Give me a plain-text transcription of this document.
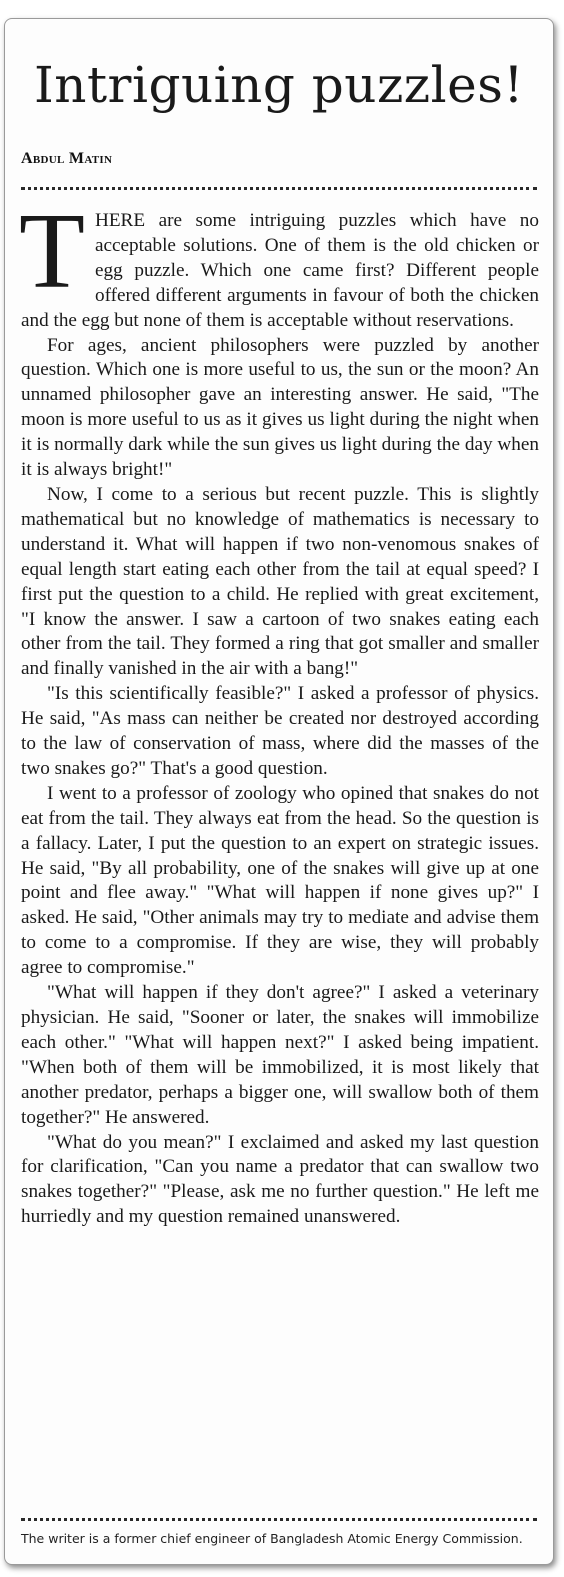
Intriguing puzzles!
Abdul Matin

THERE are some intriguing puzzles which have no acceptable solutions. One of them is the old chicken or egg puzzle. Which one came first? Different people offered different arguments in favour of both the chicken and the egg but none of them is acceptable without reservations.

For ages, ancient philosophers were puzzled by another question. Which one is more useful to us, the sun or the moon? An unnamed philosopher gave an interesting answer. He said, "The moon is more useful to us as it gives us light during the night when it is normally dark while the sun gives us light during the day when it is always bright!"

Now, I come to a serious but recent puzzle. This is slightly mathematical but no knowledge of mathematics is necessary to understand it. What will happen if two non-venomous snakes of equal length start eating each other from the tail at equal speed? I first put the question to a child. He replied with great excitement, "I know the answer. I saw a cartoon of two snakes eating each other from the tail. They formed a ring that got smaller and smaller and finally vanished in the air with a bang!"

"Is this scientifically feasible?" I asked a professor of physics. He said, "As mass can neither be created nor destroyed according to the law of conservation of mass, where did the masses of the two snakes go?" That's a good question.

I went to a professor of zoology who opined that snakes do not eat from the tail. They always eat from the head. So the question is a fallacy. Later, I put the question to an expert on strategic issues. He said, "By all probability, one of the snakes will give up at one point and flee away." "What will happen if none gives up?" I asked. He said, "Other animals may try to mediate and advise them to come to a compromise. If they are wise, they will probably agree to compromise."

"What will happen if they don't agree?" I asked a veterinary physician. He said, "Sooner or later, the snakes will immobilize each other." "What will happen next?" I asked being impatient. "When both of them will be immobilized, it is most likely that another predator, perhaps a bigger one, will swallow both of them together?" He answered.

"What do you mean?" I exclaimed and asked my last question for clarification, "Can you name a predator that can swallow two snakes together?" "Please, ask me no further question." He left me hurriedly and my question remained unanswered.

The writer is a former chief engineer of Bangladesh Atomic Energy Commission.
